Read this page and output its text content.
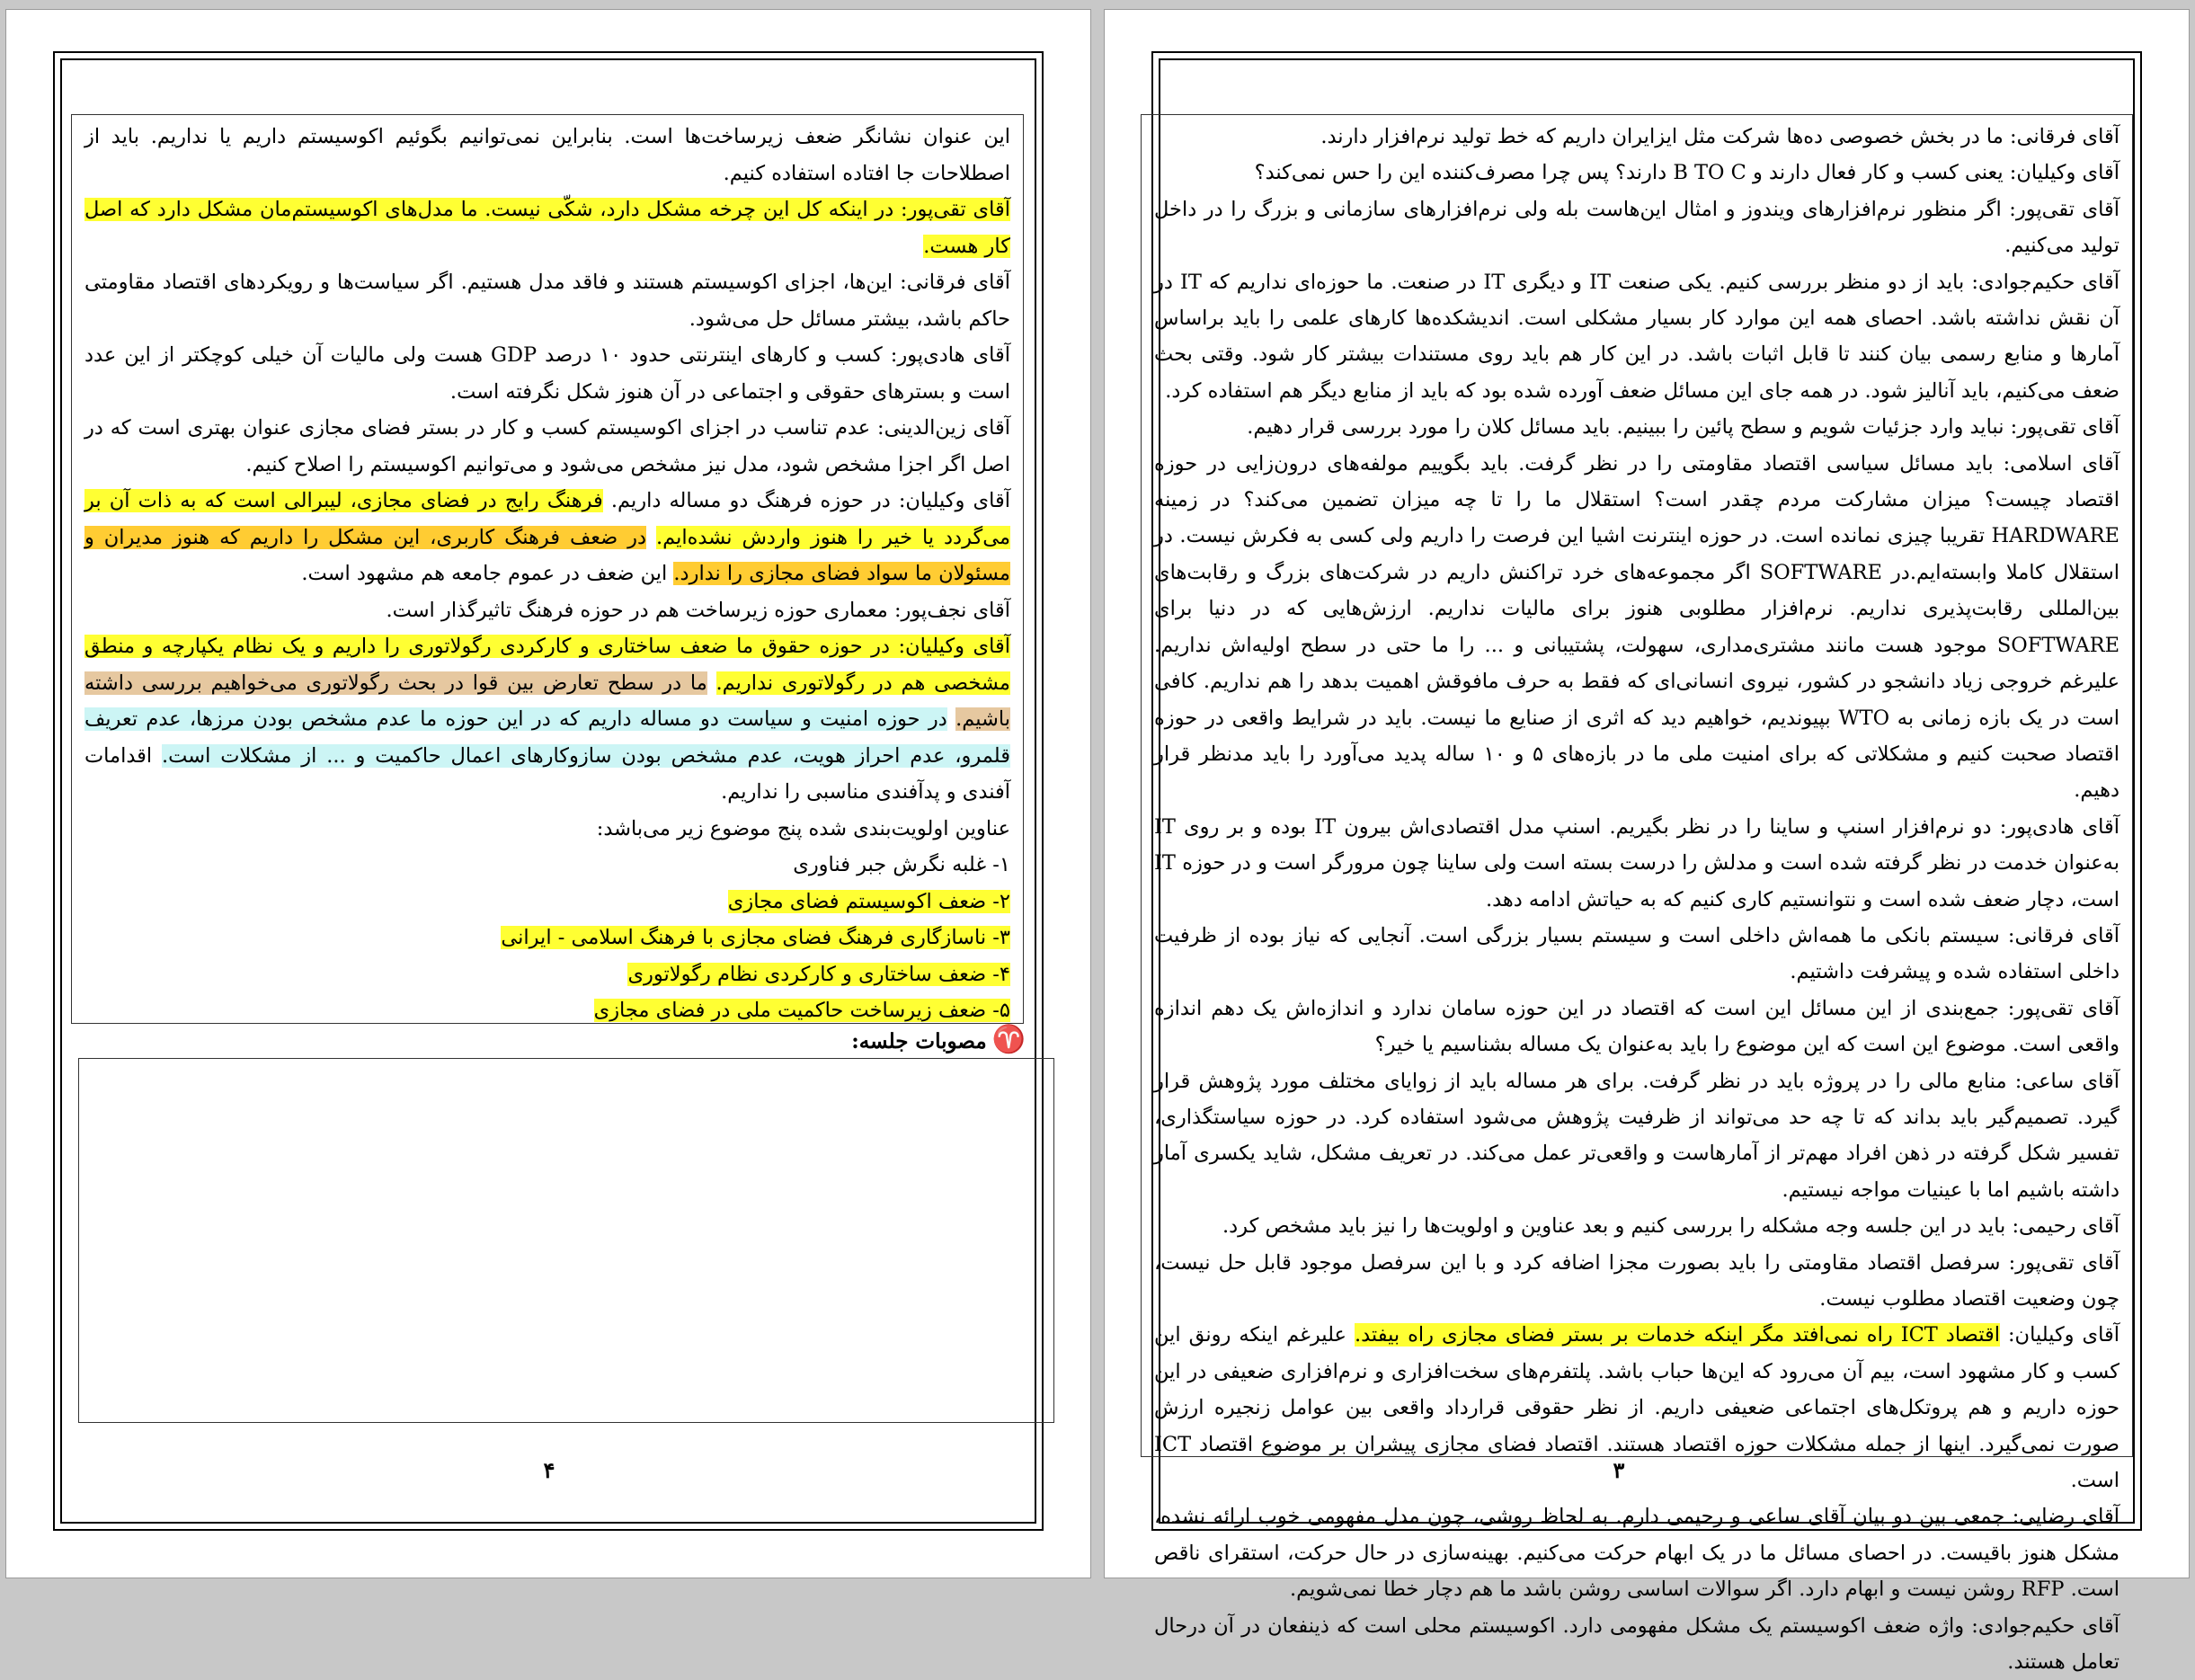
این عنوان نشانگر ضعف زیرساخت‌ها است. بنابراین نمی‌توانیم بگوئیم اکوسیستم داریم یا نداریم. باید از اصطلاحات جا افتاده استفاده کنیم.

آقای تقی‌پور: در اینکه کل این چرخه مشکل دارد، شکّی نیست. ما مدل‌های اکوسیستم‌مان مشکل دارد که اصل کار هست.

آقای فرقانی: این‌ها، اجزای اکوسیستم هستند و فاقد مدل هستیم. اگر سیاست‌ها و رویکردهای اقتصاد مقاومتی حاکم باشد، بیشتر مسائل حل می‌شود.

آقای هادی‌پور: کسب و کارهای اینترنتی حدود ۱۰ درصد GDP هست ولی مالیات آن خیلی کوچکتر از این عدد است و بسترهای حقوقی و اجتماعی در آن هنوز شکل نگرفته است.

آقای زین‌الدینی: عدم تناسب در اجزای اکوسیستم کسب و کار در بستر فضای مجازی عنوان بهتری است که در اصل اگر اجزا مشخص شود، مدل نیز مشخص می‌شود و می‌توانیم اکوسیستم را اصلاح کنیم.

آقای وکیلیان: در حوزه فرهنگ دو مساله داریم. فرهنگ رایج در فضای مجازی، لیبرالی است که به ذات آن بر می‌گردد یا خیر را هنوز واردش نشده‌ایم. در ضعف فرهنگ کاربری، این مشکل را داریم که هنوز مدیران و مسئولان ما سواد فضای مجازی را ندارد. این ضعف در عموم جامعه هم مشهود است.

آقای نجف‌پور: معماری حوزه زیرساخت هم در حوزه فرهنگ تاثیرگذار است.

آقای وکیلیان: در حوزه حقوق ما ضعف ساختاری و کارکردی رگولاتوری را داریم و یک نظام یکپارچه و منطق مشخصی هم در رگولاتوری نداریم. ما در سطح تعارض بین قوا در بحث رگولاتوری می‌خواهیم بررسی داشته باشیم. در حوزه امنیت و سیاست دو مساله داریم که در این حوزه ما عدم مشخص بودن مرزها، عدم تعریف قلمرو، عدم احراز هویت، عدم مشخص بودن سازوکارهای اعمال حاکمیت و ... از مشکلات است. اقدامات آفندی و پدآفندی مناسبی را نداریم.

عناوین اولویت‌بندی شده پنج موضوع زیر می‌باشد:

۱- غلبه نگرش جبر فناوری

۲- ضعف اکوسیستم فضای مجازی

۳- ناسازگاری فرهنگ فضای مجازی با فرهنگ اسلامی - ایرانی

۴- ضعف ساختاری و کارکردی نظام رگولاتوری

۵- ضعف زیرساخت حاکمیت ملی در فضای مجازی

♈مصوبات جلسه:
۴

آقای فرقانی: ما در بخش خصوصی ده‌ها شرکت مثل ایزایران داریم که خط تولید نرم‌افزار دارند.

آقای وکیلیان: یعنی کسب و کار فعال دارند و B TO C دارند؟ پس چرا مصرف‌کننده این را حس نمی‌کند؟

آقای تقی‌پور: اگر منظور نرم‌افزارهای ویندوز و امثال این‌هاست بله ولی نرم‌افزارهای سازمانی و بزرگ را در داخل تولید می‌کنیم.

آقای حکیم‌جوادی: باید از دو منظر بررسی کنیم. یکی صنعت IT و دیگری IT در صنعت. ما حوزه‌ای نداریم که IT در آن نقش نداشته باشد. احصای همه این موارد کار بسیار مشکلی است. اندیشکده‌ها کارهای علمی را باید براساس آمارها و منابع رسمی بیان کنند تا قابل اثبات باشد. در این کار هم باید روی مستندات بیشتر کار شود. وقتی بحث ضعف می‌کنیم، باید آنالیز شود. در همه جای این مسائل ضعف آورده شده بود که باید از منابع دیگر هم استفاده کرد.

آقای تقی‌پور: نباید وارد جزئیات شویم و سطح پائین را ببینیم. باید مسائل کلان را مورد بررسی قرار دهیم.

آقای اسلامی: باید مسائل سیاسی اقتصاد مقاومتی را در نظر گرفت. باید بگوییم مولفه‌های درون‌زایی در حوزه اقتصاد چیست؟ میزان مشارکت مردم چقدر است؟ استقلال ما را تا چه میزان تضمین می‌کند؟ در زمینه HARDWARE تقریبا چیزی نمانده است. در حوزه اینترنت اشیا این فرصت را داریم ولی کسی به فکرش نیست. در استقلال کاملا وابسته‌ایم.در SOFTWARE اگر مجموعه‌های خرد تراکنش داریم در شرکت‌های بزرگ و رقابت‌های بین‌المللی رقابت‌پذیری نداریم. نرم‌افزار مطلوبی هنوز برای مالیات نداریم. ارزش‌هایی که در دنیا برای SOFTWARE موجود هست مانند مشتری‌مداری، سهولت، پشتیبانی و ... را ما حتی در سطح اولیه‌اش نداریم. علیرغم خروجی زیاد دانشجو در کشور، نیروی انسانی‌ای که فقط به حرف مافوقش اهمیت بدهد را هم نداریم. کافی است در یک بازه زمانی به WTO بپیوندیم، خواهیم دید که اثری از صنایع ما نیست. باید در شرایط واقعی در حوزه اقتصاد صحبت کنیم و مشکلاتی که برای امنیت ملی ما در بازه‌های ۵ و ۱۰ ساله پدید می‌آورد را باید مدنظر قرار دهیم.

آقای هادی‌پور: دو نرم‌افزار اسنپ و ساینا را در نظر بگیریم. اسنپ مدل اقتصادی‌اش بیرون IT بوده و بر روی IT به‌عنوان خدمت در نظر گرفته شده است و مدلش را درست بسته است ولی ساینا چون مرورگر است و در حوزه IT است، دچار ضعف شده است و نتوانستیم کاری کنیم که به حیاتش ادامه دهد.

آقای فرقانی: سیستم بانکی ما همه‌اش داخلی است و سیستم بسیار بزرگی است. آنجایی که نیاز بوده از ظرفیت داخلی استفاده شده و پیشرفت داشتیم.

آقای تقی‌پور: جمع‌بندی از این مسائل این است که اقتصاد در این حوزه سامان ندارد و اندازه‌اش یک دهم اندازه واقعی است. موضوع این است که این موضوع را باید به‌عنوان یک مساله بشناسیم یا خیر؟

آقای ساعی: منابع مالی را در پروژه باید در نظر گرفت. برای هر مساله باید از زوایای مختلف مورد پژوهش قرار گیرد. تصمیم‌گیر باید بداند که تا چه حد می‌تواند از ظرفیت پژوهش می‌شود استفاده کرد. در حوزه سیاستگذاری، تفسیر شکل گرفته در ذهن افراد مهم‌تر از آمارهاست و واقعی‌تر عمل می‌کند. در تعریف مشکل، شاید یکسری آمار داشته باشیم اما با عینیات مواجه نیستیم.

آقای رحیمی: باید در این جلسه وجه مشکله را بررسی کنیم و بعد عناوین و اولویت‌ها را نیز باید مشخص کرد.

آقای تقی‌پور: سرفصل اقتصاد مقاومتی را باید بصورت مجزا اضافه کرد و با این سرفصل موجود قابل حل نیست، چون وضعیت اقتصاد مطلوب نیست.

آقای وکیلیان: اقتصاد ICT راه نمی‌افتد مگر اینکه خدمات بر بستر فضای مجازی راه بیفتد. علیرغم اینکه رونق این کسب و کار مشهود است، بیم آن می‌رود که این‌ها حباب باشد. پلتفرم‌های سخت‌افزاری و نرم‌افزاری ضعیفی در این حوزه داریم و هم پروتکل‌های اجتماعی ضعیفی داریم. از نظر حقوقی قرارداد واقعی بین عوامل زنجیره ارزش صورت نمی‌گیرد. اینها از جمله مشکلات حوزه اقتصاد هستند. اقتصاد فضای مجازی پیشران بر موضوع اقتصاد ICT است.

آقای رضایی: جمعی بین دو بیان آقای ساعی و رحیمی دارم. به لحاظ روشی، چون مدل مفهومی خوب ارائه نشده، مشکل هنوز باقیست. در احصای مسائل ما در یک ابهام حرکت می‌کنیم. بهینه‌سازی در حال حرکت، استقرای ناقص است. RFP روشن نیست و ابهام دارد. اگر سوالات اساسی روشن باشد ما هم دچار خطا نمی‌شویم.

آقای حکیم‌جوادی: واژه ضعف اکوسیستم یک مشکل مفهومی دارد. اکوسیستم محلی است که ذینفعان در آن درحال تعامل هستند.

۳
